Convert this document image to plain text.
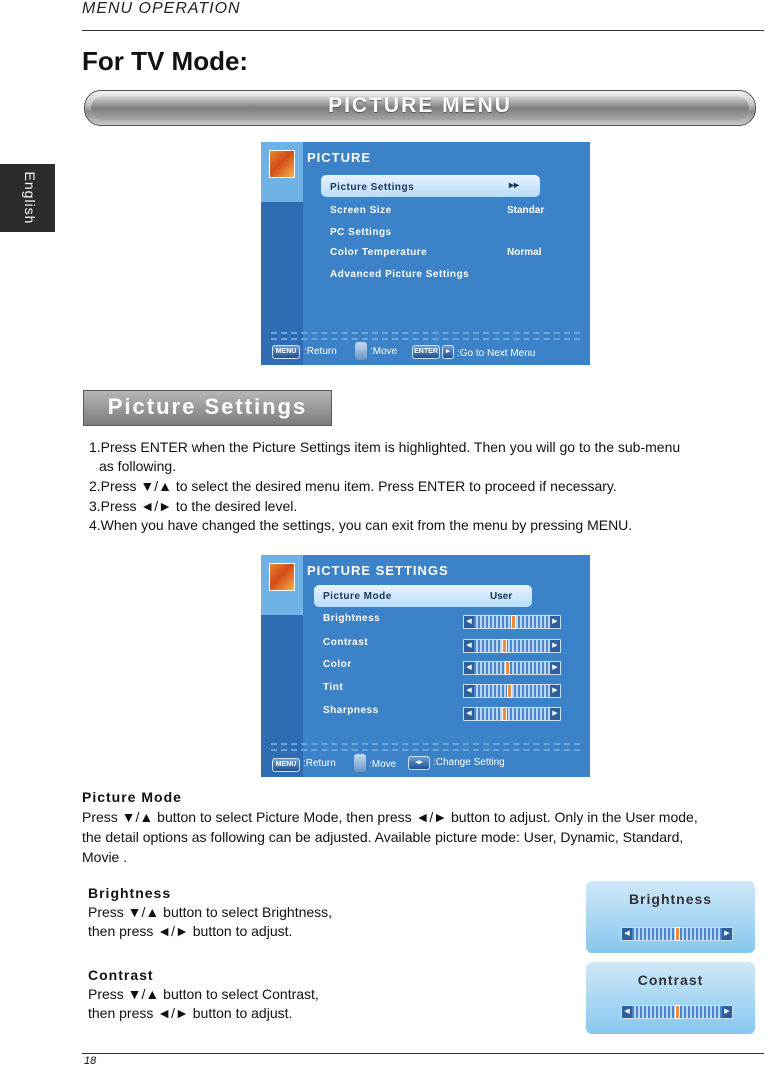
MENU OPERATION
For TV Mode:
PICTURE MENU
English
PICTURE
Picture Settings	▸▸
Screen Size	Standar
PC Settings
Color Temperature	Normal
Advanced Picture Settings
MENU :Return	:Move	ENTER	▸ :Go to Next Menu
Picture Settings
1.Press ENTER when the Picture Settings item is highlighted. Then you will go to the sub-menu
as following.
2.Press ▼/▲ to select the desired menu item. Press ENTER to proceed if necessary.
3.Press ◄/► to the desired level.
4.When you have changed the settings, you can exit from the menu by pressing MENU.
PICTURE SETTINGS
Picture Mode	User
Brightness	◀	▶
Contrast	◀	▶
Color	◀	▶
Tint	◀	▶
Sharpness	◀	▶
MENU :Return	:Move	◂▸	:Change Setting
Picture Mode
Press ▼/▲ button to select Picture Mode, then press ◄/► button to adjust. Only in the User mode,
the detail options as following can be adjusted. Available picture mode: User, Dynamic, Standard,
Movie .
Brightness
Press ▼/▲ button to select Brightness,
then press ◄/► button to adjust.
Contrast
Press ▼/▲ button to select Contrast,
then press ◄/► button to adjust.
Brightness
◀	▶
Contrast
◀	▶
18
